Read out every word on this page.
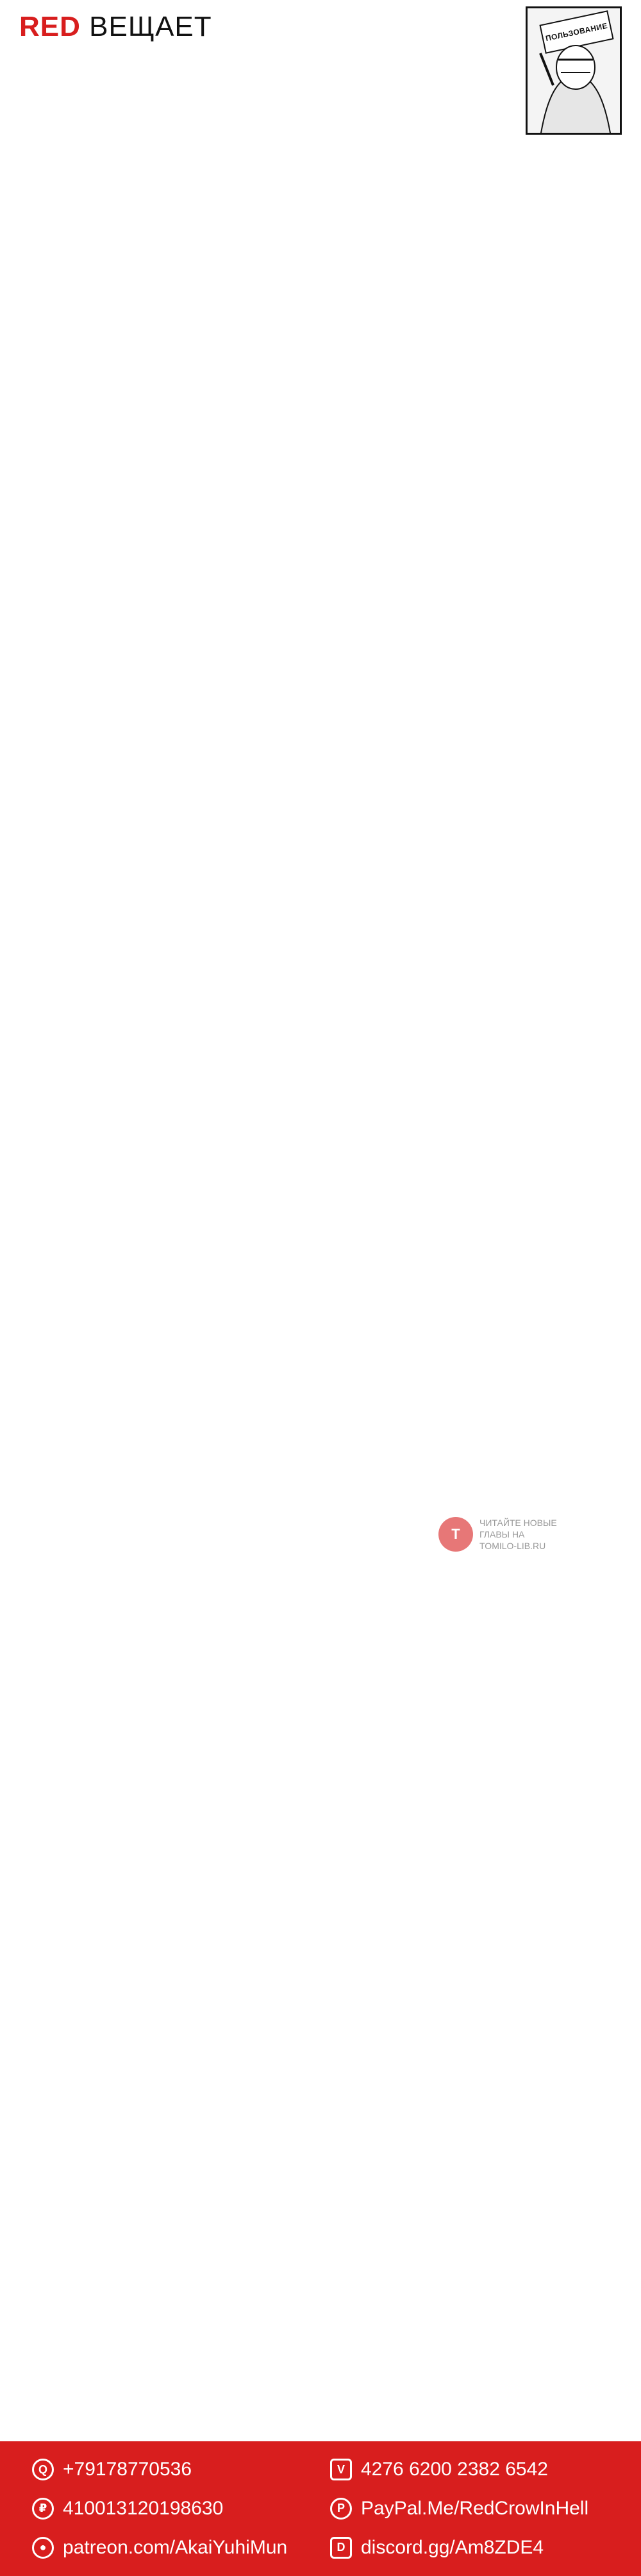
RED ВЕЩАЕТ	ПОЛЬЗОВАНИЕ
Т
ЧИТАЙТЕ НОВЫЕ
ГЛАВЫ НА
TOMILO-LIB.RU
Q +79178770536	V 4276 6200 2382 6542
₽ 410013120198630	P PayPal.Me/RedCrowInHell
● patreon.com/AkaiYuhiMun	D discord.gg/Am8ZDE4
